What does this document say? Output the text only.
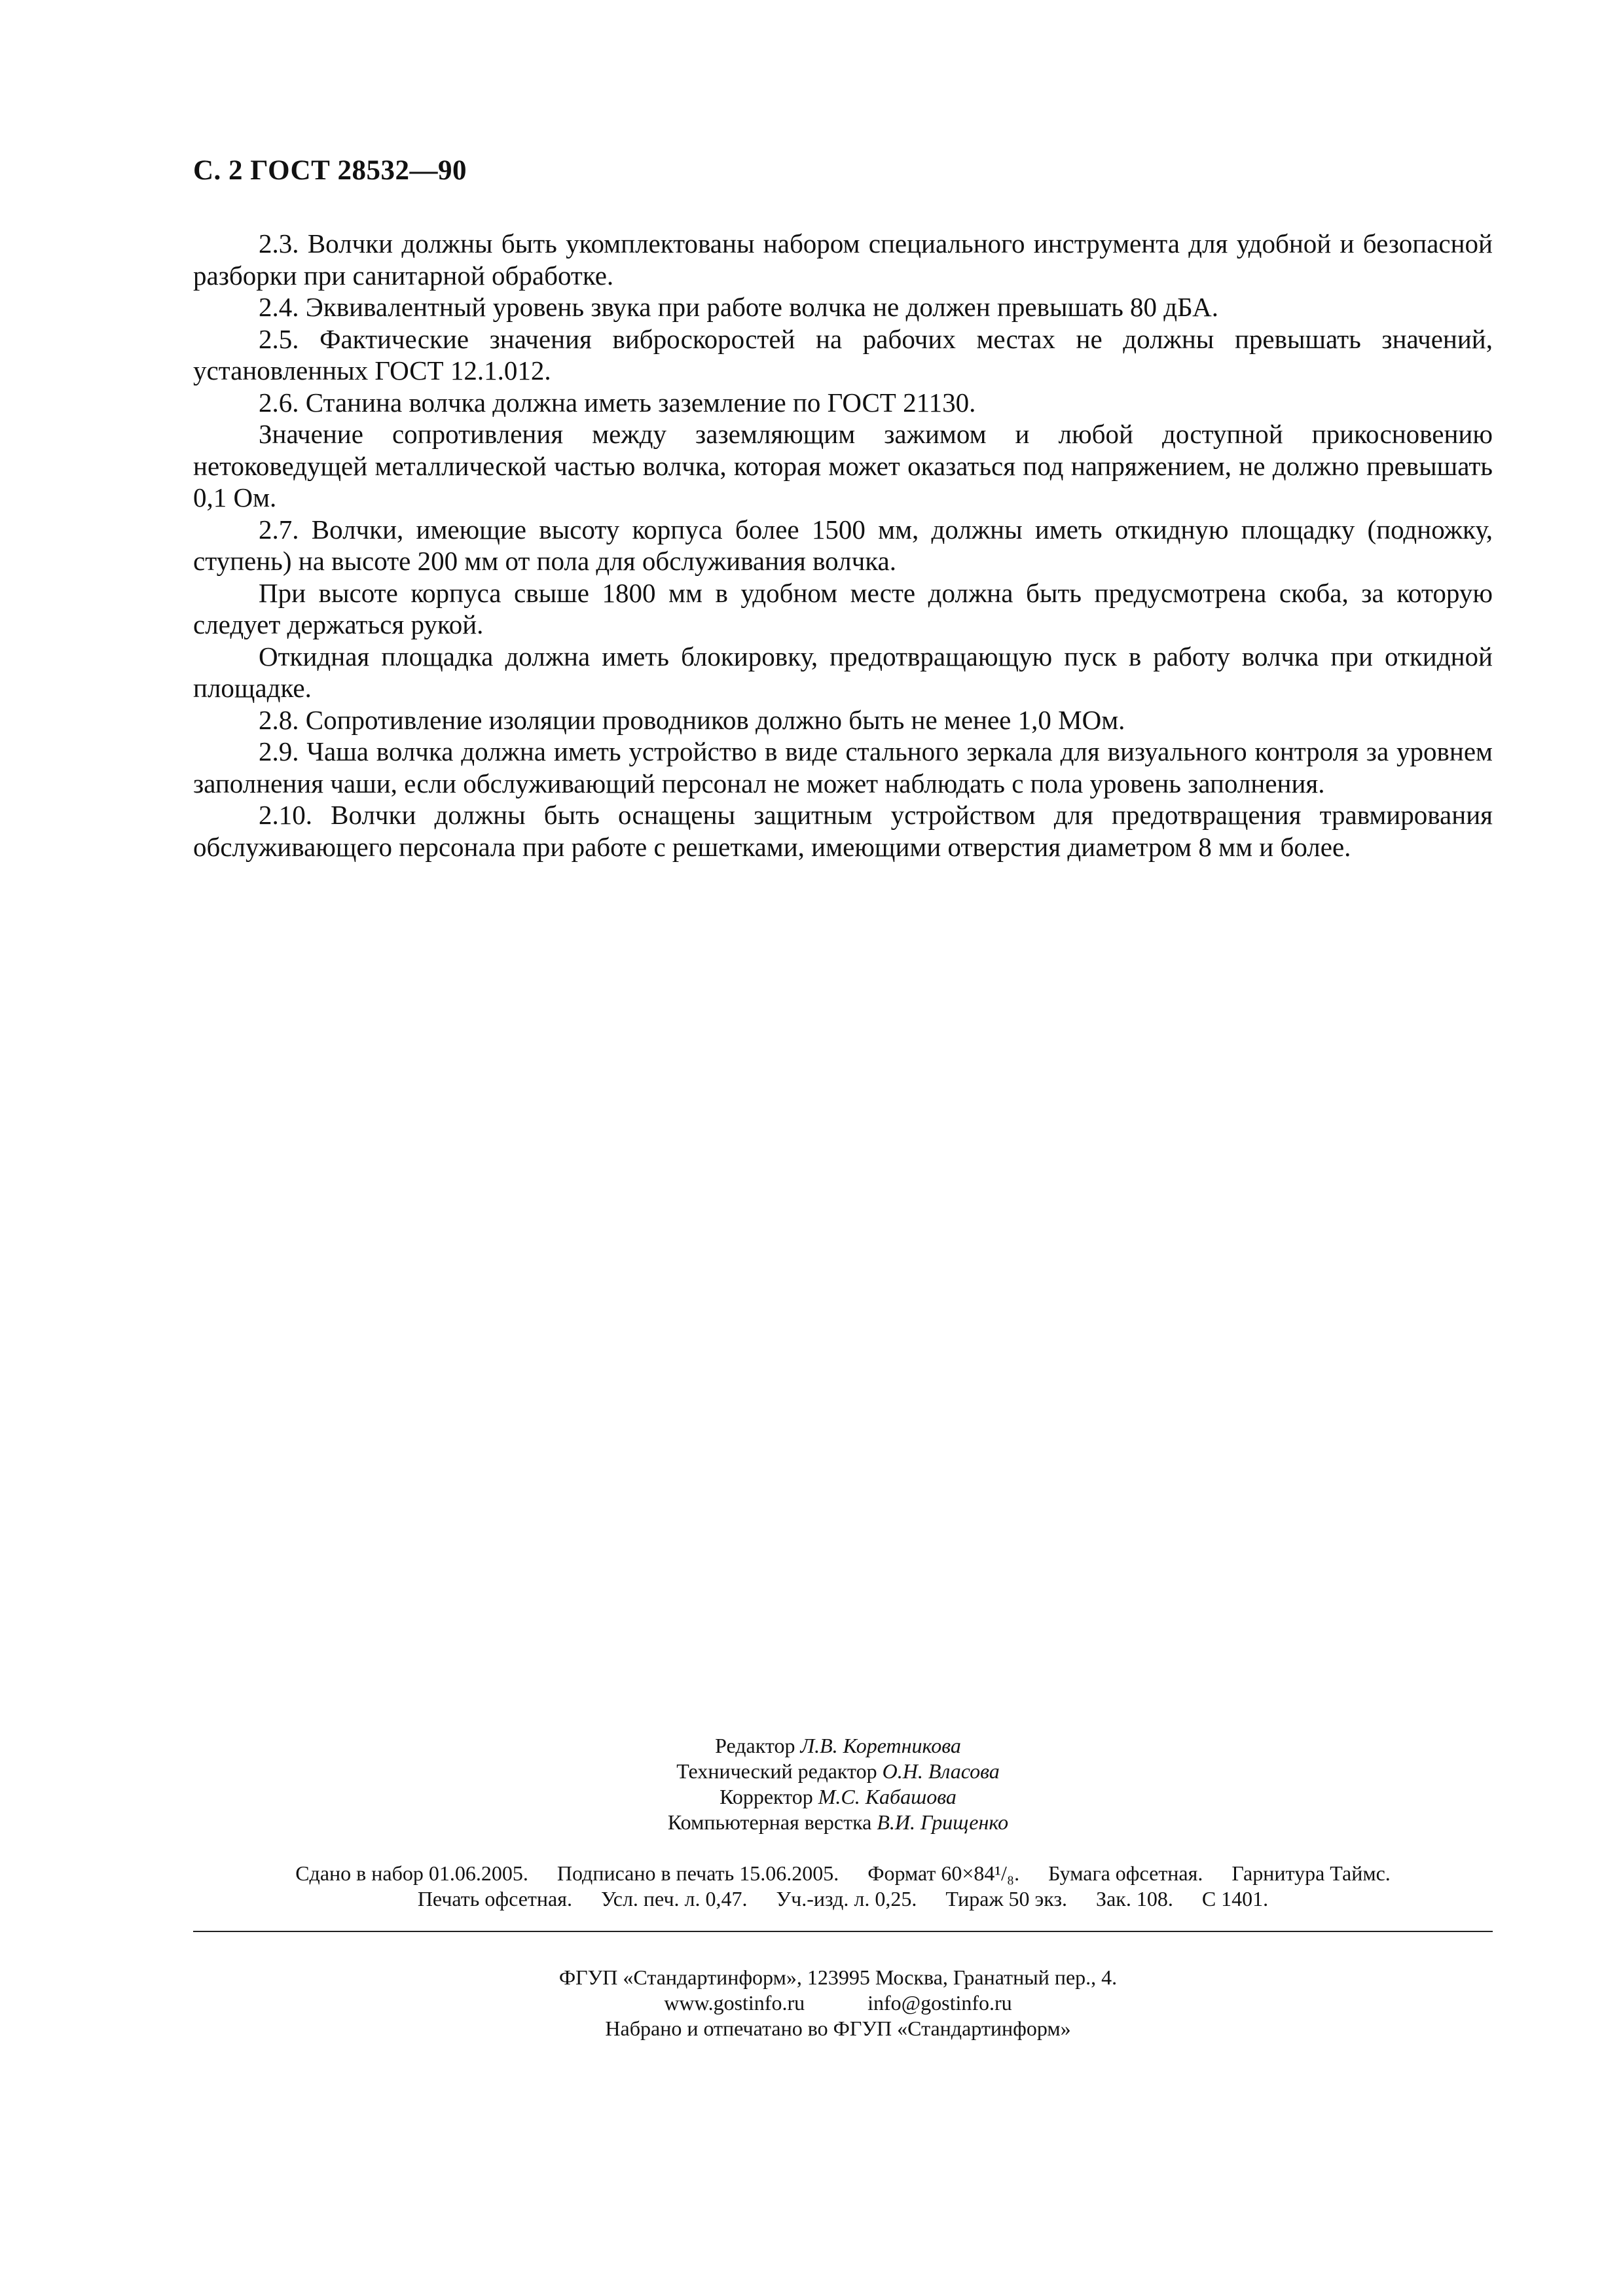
С. 2 ГОСТ 28532—90

2.3. Волчки должны быть укомплектованы набором специального инструмента для удобной и безопасной разборки при санитарной обработке.

2.4. Эквивалентный уровень звука при работе волчка не должен превышать 80 дБА.

2.5. Фактические значения виброскоростей на рабочих местах не должны превышать значений, установленных ГОСТ 12.1.012.

2.6. Станина волчка должна иметь заземление по ГОСТ 21130.

Значение сопротивления между заземляющим зажимом и любой доступной прикосновению нетоковедущей металлической частью волчка, которая может оказаться под напряжением, не должно превышать 0,1 Ом.

2.7. Волчки, имеющие высоту корпуса более 1500 мм, должны иметь откидную площадку (подножку, ступень) на высоте 200 мм от пола для обслуживания волчка.

При высоте корпуса свыше 1800 мм в удобном месте должна быть предусмотрена скоба, за которую следует держаться рукой.

Откидная площадка должна иметь блокировку, предотвращающую пуск в работу волчка при откидной площадке.

2.8. Сопротивление изоляции проводников должно быть не менее 1,0 МОм.

2.9. Чаша волчка должна иметь устройство в виде стального зеркала для визуального контроля за уровнем заполнения чаши, если обслуживающий персонал не может наблюдать с пола уровень заполнения.

2.10. Волчки должны быть оснащены защитным устройством для предотвращения травмирования обслуживающего персонала при работе с решетками, имеющими отверстия диаметром 8 мм и более.

Редактор Л.В. Коретникова
Технический редактор О.Н. Власова
Корректор М.С. Кабашова
Компьютерная верстка В.И. Грищенко
Сдано в набор 01.06.2005. Подписано в печать 15.06.2005. Формат 60×84¹/₈. Бумага офсетная. Гарнитура Таймс.
Печать офсетная. Усл. печ. л. 0,47. Уч.-изд. л. 0,25. Тираж 50 экз. Зак. 108. С 1401.
ФГУП «Стандартинформ», 123995 Москва, Гранатный пер., 4.
www.gostinfo.ru	info@gostinfo.ru
Набрано и отпечатано во ФГУП «Стандартинформ»
